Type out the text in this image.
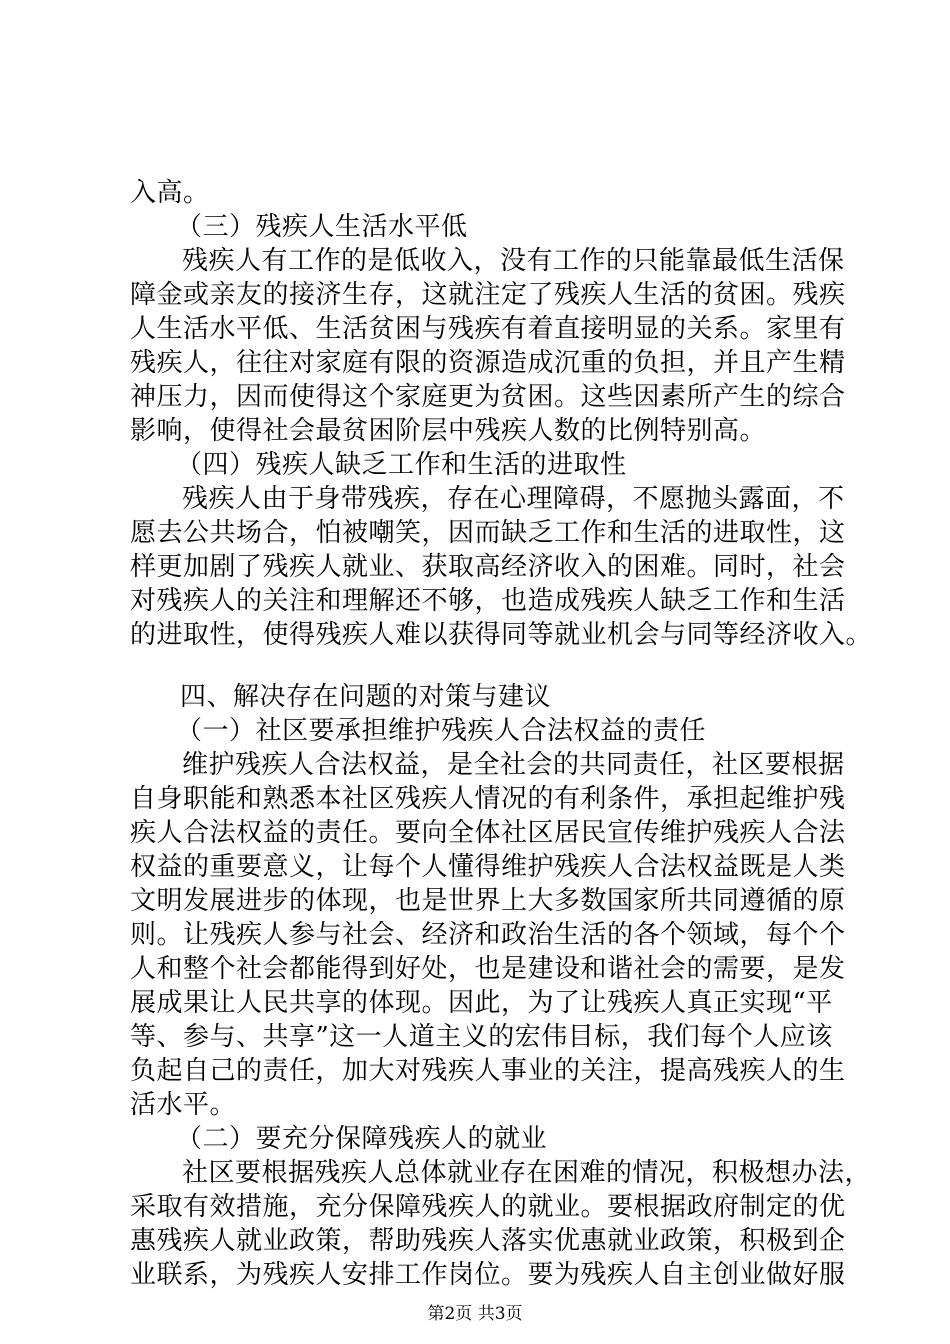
入高。
（三）残疾人生活水平低
残疾人有工作的是低收入，没有工作的只能靠最低生活保
障金或亲友的接济生存，这就注定了残疾人生活的贫困。残疾
人生活水平低、生活贫困与残疾有着直接明显的关系。家里有
残疾人，往往对家庭有限的资源造成沉重的负担，并且产生精
神压力，因而使得这个家庭更为贫困。这些因素所产生的综合
影响，使得社会最贫困阶层中残疾人数的比例特别高。
（四）残疾人缺乏工作和生活的进取性
残疾人由于身带残疾，存在心理障碍，不愿抛头露面，不
愿去公共场合，怕被嘲笑，因而缺乏工作和生活的进取性，这
样更加剧了残疾人就业、获取高经济收入的困难。同时，社会
对残疾人的关注和理解还不够，也造成残疾人缺乏工作和生活
的进取性，使得残疾人难以获得同等就业机会与同等经济收入。
四、解决存在问题的对策与建议
（一）社区要承担维护残疾人合法权益的责任
维护残疾人合法权益，是全社会的共同责任，社区要根据
自身职能和熟悉本社区残疾人情况的有利条件，承担起维护残
疾人合法权益的责任。要向全体社区居民宣传维护残疾人合法
权益的重要意义，让每个人懂得维护残疾人合法权益既是人类
文明发展进步的体现，也是世界上大多数国家所共同遵循的原
则。让残疾人参与社会、经济和政治生活的各个领域，每个个
人和整个社会都能得到好处，也是建设和谐社会的需要，是发
展成果让人民共享的体现。因此，为了让残疾人真正实现“平
等、参与、共享”这一人道主义的宏伟目标，我们每个人应该
负起自己的责任，加大对残疾人事业的关注，提高残疾人的生
活水平。
（二）要充分保障残疾人的就业
社区要根据残疾人总体就业存在困难的情况，积极想办法，
采取有效措施，充分保障残疾人的就业。要根据政府制定的优
惠残疾人就业政策，帮助残疾人落实优惠就业政策，积极到企
业联系，为残疾人安排工作岗位。要为残疾人自主创业做好服
第2页 共3页
